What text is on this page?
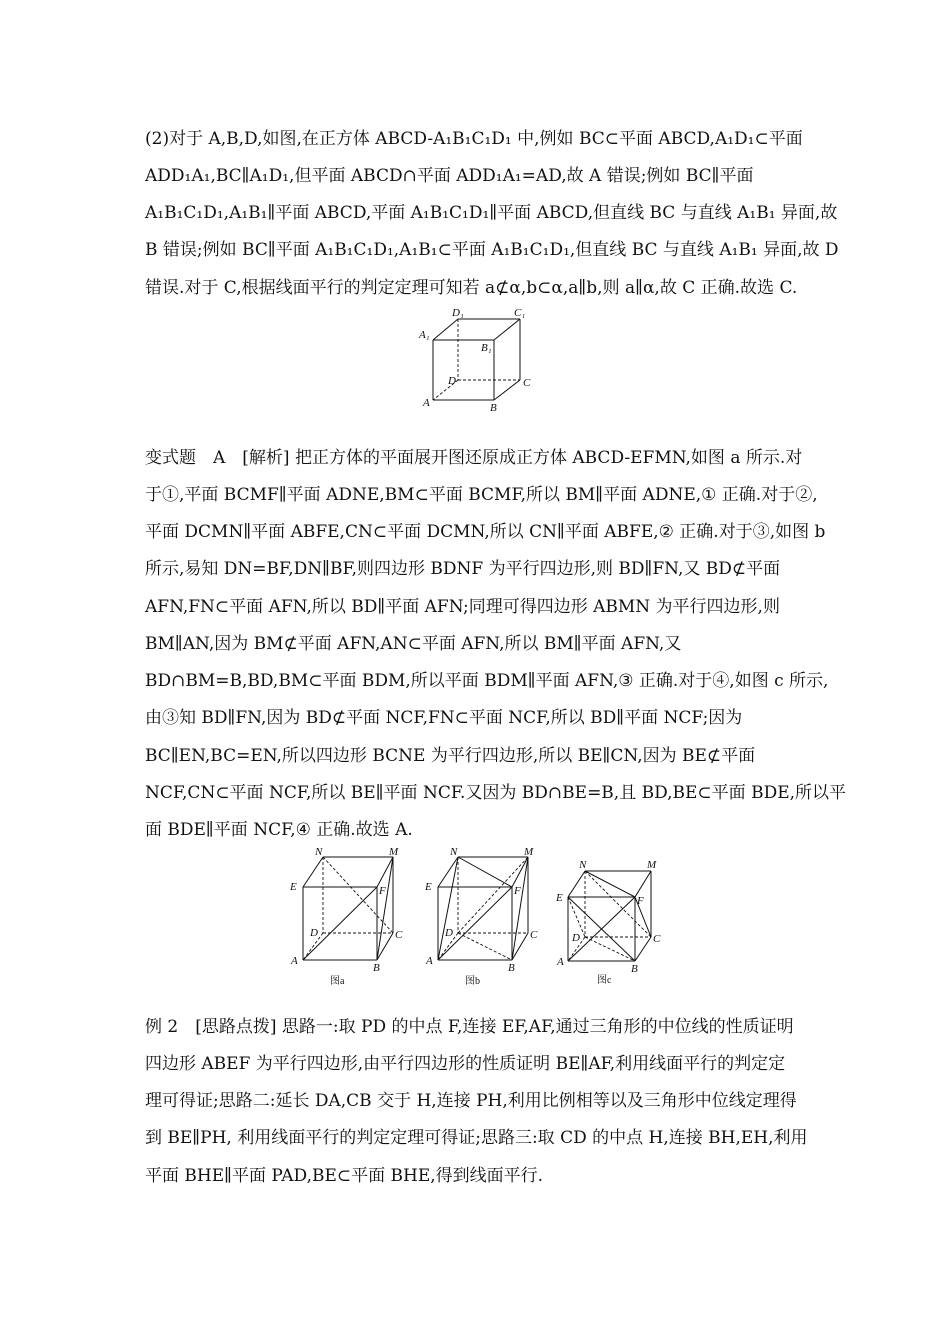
(2)对于 A,B,D,如图,在正方体 ABCD-A₁B₁C₁D₁ 中,例如 BC⊂平面 ABCD,A₁D₁⊂平面
ADD₁A₁,BC∥A₁D₁,但平面 ABCD∩平面 ADD₁A₁=AD,故 A 错误;例如 BC∥平面
A₁B₁C₁D₁,A₁B₁∥平面 ABCD,平面 A₁B₁C₁D₁∥平面 ABCD,但直线 BC 与直线 A₁B₁ 异面,故
B 错误;例如 BC∥平面 A₁B₁C₁D₁,A₁B₁⊂平面 A₁B₁C₁D₁,但直线 BC 与直线 A₁B₁ 异面,故 D
错误.对于 C,根据线面平行的判定定理可知若 a⊄α,b⊂α,a∥b,则 a∥α,故 C 正确.故选 C.
D₁	C₁
A₁
B₁
D	C
A	B
变式题　A　[解析] 把正方体的平面展开图还原成正方体 ABCD-EFMN,如图 a 所示.对
于①,平面 BCMF∥平面 ADNE,BM⊂平面 BCMF,所以 BM∥平面 ADNE,① 正确.对于②,
平面 DCMN∥平面 ABFE,CN⊂平面 DCMN,所以 CN∥平面 ABFE,② 正确.对于③,如图 b
所示,易知 DN=BF,DN∥BF,则四边形 BDNF 为平行四边形,则 BD∥FN,又 BD⊄平面
AFN,FN⊂平面 AFN,所以 BD∥平面 AFN;同理可得四边形 ABMN 为平行四边形,则
BM∥AN,因为 BM⊄平面 AFN,AN⊂平面 AFN,所以 BM∥平面 AFN,又
BD∩BM=B,BD,BM⊂平面 BDM,所以平面 BDM∥平面 AFN,③ 正确.对于④,如图 c 所示,
由③知 BD∥FN,因为 BD⊄平面 NCF,FN⊂平面 NCF,所以 BD∥平面 NCF;因为
BC∥EN,BC=EN,所以四边形 BCNE 为平行四边形,所以 BE∥CN,因为 BE⊄平面
NCF,CN⊂平面 NCF,所以 BE∥平面 NCF.又因为 BD∩BE=B,且 BD,BE⊂平面 BDE,所以平
面 BDE∥平面 NCF,④ 正确.故选 A.
N	M
E	F
D	C
A
B
图a
N	M
E	F
D	C
A
B
图b
N	M
E	F
D	C
A
B
图c
例 2　[思路点拨] 思路一:取 PD 的中点 F,连接 EF,AF,通过三角形的中位线的性质证明
四边形 ABEF 为平行四边形,由平行四边形的性质证明 BE∥AF,利用线面平行的判定定
理可得证;思路二:延长 DA,CB 交于 H,连接 PH,利用比例相等以及三角形中位线定理得
到 BE∥PH, 利用线面平行的判定定理可得证;思路三:取 CD 的中点 H,连接 BH,EH,利用
平面 BHE∥平面 PAD,BE⊂平面 BHE,得到线面平行.
